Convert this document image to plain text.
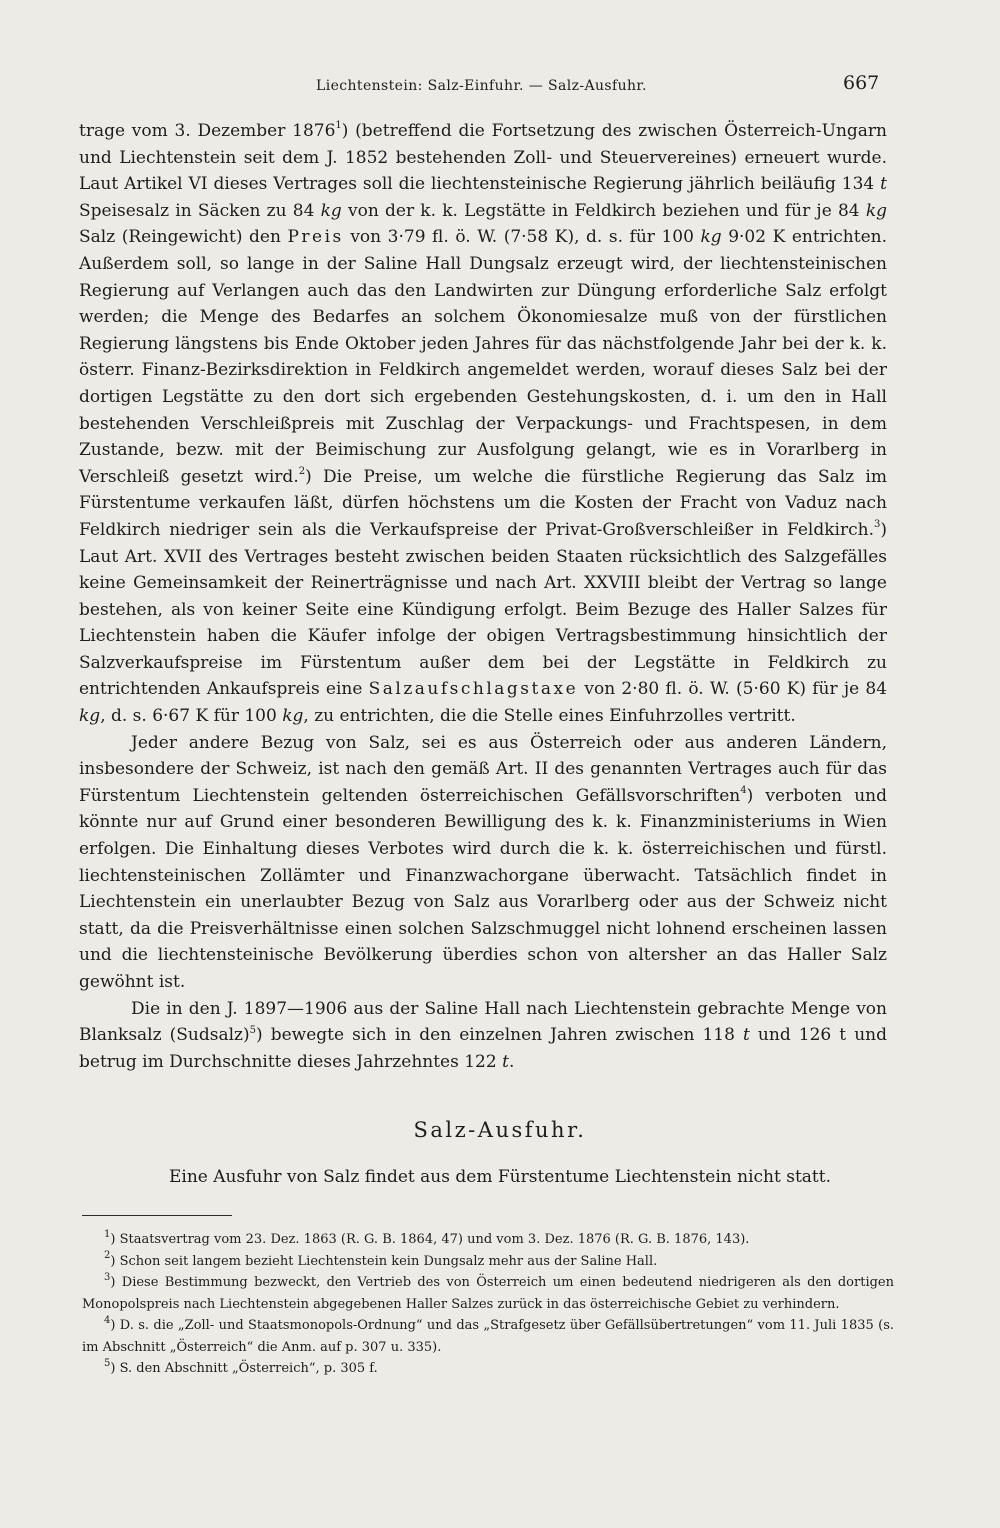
Liechtenstein: Salz-Einfuhr. — Salz-Ausfuhr.	667

trage vom 3. Dezember 1876$^1$) (betreffend die Fortsetzung des zwischen Österreich-Ungarn und Liechtenstein seit dem J. 1852 bestehenden Zoll- und Steuervereines) erneuert wurde. Laut Artikel VI dieses Vertrages soll die liechtensteinische Regierung jährlich beiläufig 134 t Speisesalz in Säcken zu 84 kg von der k. k. Legstätte in Feldkirch beziehen und für je 84 kg Salz (Reingewicht) den Preis von 3·79 fl. ö. W. (7·58 K), d. s. für 100 kg 9·02 K entrichten. Außerdem soll, so lange in der Saline Hall Dungsalz erzeugt wird, der liechtensteinischen Regierung auf Verlangen auch das den Landwirten zur Düngung erforderliche Salz erfolgt werden; die Menge des Bedarfes an solchem Ökonomiesalze muß von der fürstlichen Regierung längstens bis Ende Oktober jeden Jahres für das nächstfolgende Jahr bei der k. k. österr. Finanz-Bezirksdirektion in Feldkirch angemeldet werden, worauf dieses Salz bei der dortigen Legstätte zu den dort sich ergebenden Gestehungskosten, d. i. um den in Hall bestehenden Verschleißpreis mit Zuschlag der Verpackungs- und Frachtspesen, in dem Zustande, bezw. mit der Beimischung zur Ausfolgung gelangt, wie es in Vorarlberg in Verschleiß gesetzt wird.$^2$) Die Preise, um welche die fürstliche Regierung das Salz im Fürstentume verkaufen läßt, dürfen höchstens um die Kosten der Fracht von Vaduz nach Feldkirch niedriger sein als die Verkaufspreise der Privat-Großverschleißer in Feldkirch.$^3$) Laut Art. XVII des Vertrages besteht zwischen beiden Staaten rücksichtlich des Salzgefälles keine Gemeinsamkeit der Reinerträgnisse und nach Art. XXVIII bleibt der Vertrag so lange bestehen, als von keiner Seite eine Kündigung erfolgt. Beim Bezuge des Haller Salzes für Liechtenstein haben die Käufer infolge der obigen Vertragsbestimmung hinsichtlich der Salzverkaufspreise im Fürstentum außer dem bei der Legstätte in Feldkirch zu entrichtenden Ankaufspreis eine Salzaufschlagstaxe von 2·80 fl. ö. W. (5·60 K) für je 84 kg, d. s. 6·67 K für 100 kg, zu entrichten, die die Stelle eines Einfuhrzolles vertritt.

Jeder andere Bezug von Salz, sei es aus Österreich oder aus anderen Ländern, insbesondere der Schweiz, ist nach den gemäß Art. II des genannten Vertrages auch für das Fürstentum Liechtenstein geltenden österreichischen Gefällsvorschriften$^4$) verboten und könnte nur auf Grund einer besonderen Bewilligung des k. k. Finanzministeriums in Wien erfolgen. Die Einhaltung dieses Verbotes wird durch die k. k. österreichischen und fürstl. liechtensteinischen Zollämter und Finanzwachorgane überwacht. Tatsächlich findet in Liechtenstein ein unerlaubter Bezug von Salz aus Vorarlberg oder aus der Schweiz nicht statt, da die Preisverhältnisse einen solchen Salzschmuggel nicht lohnend erscheinen lassen und die liechtensteinische Bevölkerung überdies schon von altersher an das Haller Salz gewöhnt ist.

Die in den J. 1897—1906 aus der Saline Hall nach Liechtenstein gebrachte Menge von Blanksalz (Sudsalz)$^5$) bewegte sich in den einzelnen Jahren zwischen 118 t und 126 t und betrug im Durchschnitte dieses Jahrzehntes 122 t.

Salz-Ausfuhr.
Eine Ausfuhr von Salz findet aus dem Fürstentume Liechtenstein nicht statt.

$^1$) Staatsvertrag vom 23. Dez. 1863 (R. G. B. 1864, 47) und vom 3. Dez. 1876 (R. G. B. 1876, 143).

$^2$) Schon seit langem bezieht Liechtenstein kein Dungsalz mehr aus der Saline Hall.

$^3$) Diese Bestimmung bezweckt, den Vertrieb des von Österreich um einen bedeutend niedrigeren als den dortigen Monopolspreis nach Liechtenstein abgegebenen Haller Salzes zurück in das österreichische Gebiet zu verhindern.

$^4$) D. s. die „Zoll- und Staatsmonopols-Ordnung“ und das „Strafgesetz über Gefällsübertretungen“ vom 11. Juli 1835 (s. im Abschnitt „Österreich“ die Anm. auf p. 307 u. 335).

$^5$) S. den Abschnitt „Österreich“, p. 305 f.
